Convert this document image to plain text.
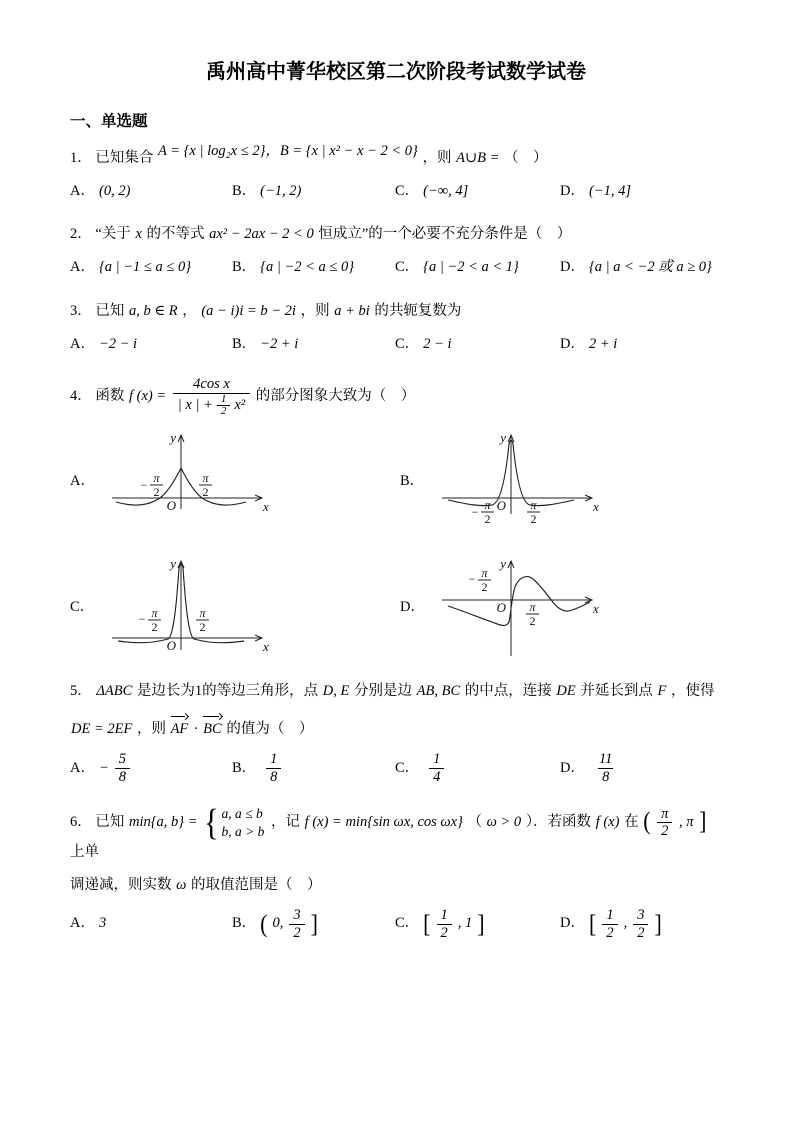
禹州高中菁华校区第二次阶段考试数学试卷
一、单选题

1． 已知集合 A = {x | log₂x ≤ 2}，B = {x | x² − x − 2 < 0} ，则 A∪B = （　）

A． (0, 2)	B． (−1, 2)	C． (−∞, 4]	D． (−1, 4]

2． “关于 x 的不等式 ax² − 2ax − 2 < 0 恒成立”的一个必要不充分条件是（　）

A． {a | −1 ≤ a ≤ 0}	B． {a | −2 < a ≤ 0}	C． {a | −2 < a < 1}	D． {a | a < −2 或 a ≥ 0}

3． 已知 a, b ∈ R ， (a − i)i = b − 2i ，则 a + bi 的共轭复数为

A． −2 − i	B． −2 + i	C． 2 − i	D． 2 + i

4． 函数 f $(x) = \frac{\text{4cos x}}{| x | + \frac{1}{2} x^2}$ 的部分图象大致为（　）

A．	− π
2
π
2
O	x
y
B．
− π
2
π
2
O	x
y
C．
− π
2
π
2
O	x
y
D．
− π
2
π
2
O	x
y

5． ΔABC 是边长为1的等边三角形，点 D, E 分别是边 AB, BC 的中点，连接 DE 并延长到点 F ，使得

DE = 2EF ，则 AF · BC 的值为（　）

A． − $\frac{5}{8}$	B． $\frac{1}{8}$	C． $\frac{1}{4}$	D． $\frac{11}{8}$

6． 已知 min{a, b} = { a, a ≤ b
b, a > b
，记 f (x) = min{sin ωx, cos ωx} （ ω > 0 ）．若函数 f (x) 在 ( $\frac{\pi}{2}$ , π ] 上单

调递减，则实数 ω 的取值范围是（　）

A． 3	B． ( 0, $\frac{3}{2}$ ]	C． [ $\frac{1}{2}$ , 1 ]	D． [ $\frac{1}{2}$ , $\frac{3}{2}$ ]
